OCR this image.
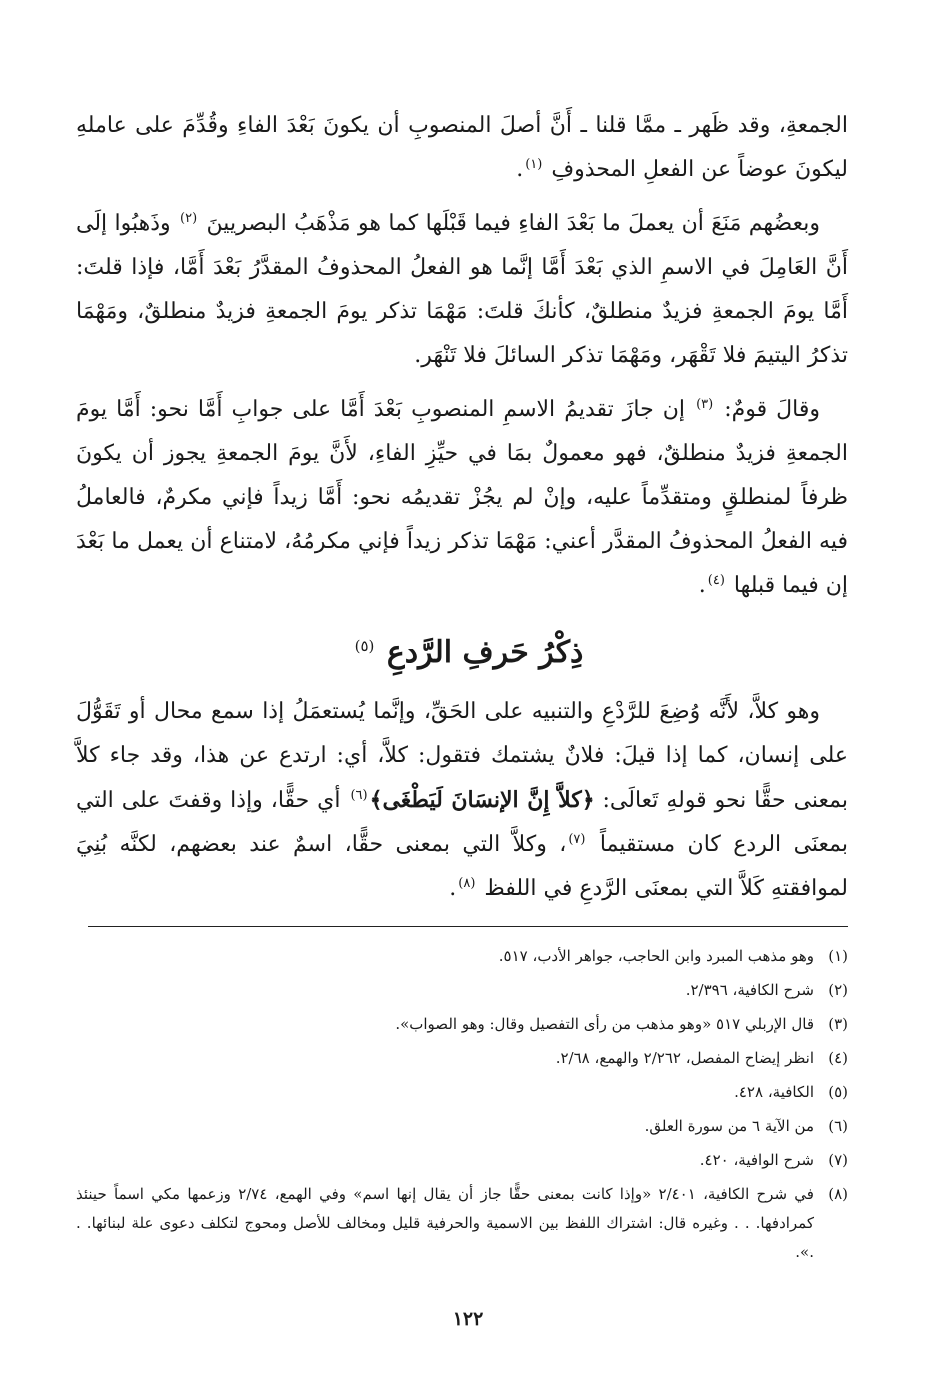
الجمعةِ، وقد ظَهر ـ ممَّا قلنا ـ أَنَّ أصلَ المنصوبِ أن يكونَ بَعْدَ الفاءِ وقُدِّمَ على عاملهِ ليكونَ عوضاً عن الفعلِ المحذوفِ $^{(١)}$.

وبعضُهم مَنَعَ أن يعملَ ما بَعْدَ الفاءِ فيما قَبْلَها كما هو مَذْهَبُ البصريينَ $^{(٢)}$ وذَهبُوا إلَى أَنَّ العَامِلَ في الاسمِ الذي بَعْدَ أَمَّا إنَّما هو الفعلُ المحذوفُ المقدَّرُ بَعْدَ أَمَّا، فإذا قلتَ: أَمَّا يومَ الجمعةِ فزيدٌ منطلقٌ، كأنكَ قلتَ: مَهْمَا تذكر يومَ الجمعةِ فزيدٌ منطلقٌ، ومَهْمَا تذكرُ اليتيمَ فلا تَقْهَر، ومَهْمَا تذكر السائلَ فلا تَنْهَر.

وقالَ قومٌ: $^{(٣)}$ إن جازَ تقديمُ الاسمِ المنصوبِ بَعْدَ أَمَّا على جوابِ أَمَّا نحو: أَمَّا يومَ الجمعةِ فزيدٌ منطلقٌ، فهو معمولٌ بمَا في حيِّزِ الفاءِ، لأَنَّ يومَ الجمعةِ يجوز أن يكونَ ظرفاً لمنطلقٍ ومتقدِّماً عليه، وإنْ لم يجُزْ تقديمُه نحو: أَمَّا زيداً فإني مكرمٌ، فالعاملُ فيه الفعلُ المحذوفُ المقدَّر أعني: مَهْمَا تذكر زيداً فإني مكرمُهُ، لامتناع أن يعمل ما بَعْدَ إن فيما قبلها $^{(٤)}$.

ذِكْرُ حَرفِ الرَّدعِ $^{(٥)}$

وهو كلاَّ، لأَنَّه وُضِعَ للرَّدْعِ والتنبيه على الحَقِّ، وإنَّما يُستعمَلُ إذا سمع محال أو تَقَوُّلَ على إنسان، كما إذا قيلَ: فلانٌ يشتمك فتقول: كلاَّ، أي: ارتدع عن هذا، وقد جاء كلاَّ بمعنى حقًّا نحو قولهِ تَعالَى: ﴿كلاَّ إِنَّ الإنسَانَ لَيَطْغَى﴾$^{(٦)}$ أي حقًّا، وإذا وقفتَ على التي بمعنَى الردع كان مستقيماً $^{(٧)}$، وكلاَّ التي بمعنى حقًّا، اسمٌ عند بعضهم، لكنَّه بُنِيَ لموافقتهِ كَلاَّ التي بمعنَى الرَّدعِ في اللفظ $^{(٨)}$.

(١)
وهو مذهب المبرد وابن الحاجب، جواهر الأدب، ٥١٧.
(٢)
شرح الكافية، ٢/٣٩٦.
(٣)
قال الإربلي ٥١٧ «وهو مذهب من رأى التفصيل وقال: وهو الصواب».
(٤)
انظر إيضاح المفصل، ٢/٢٦٢ والهمع، ٢/٦٨.
(٥)
الكافية، ٤٢٨.
(٦)
من الآية ٦ من سورة العلق.
(٧)
شرح الوافية، ٤٢٠.
(٨)
في شرح الكافية، ٢/٤٠١ «وإذا كانت بمعنى حقًّا جاز أن يقال إنها اسم» وفي الهمع، ٢/٧٤ وزعمها مكي اسماً حينئذ كمرادفها. . . وغيره قال: اشتراك اللفظ بين الاسمية والحرفية قليل ومخالف للأصل ومحوج لتكلف دعوى علة لبنائها. . .».
١٢٢
